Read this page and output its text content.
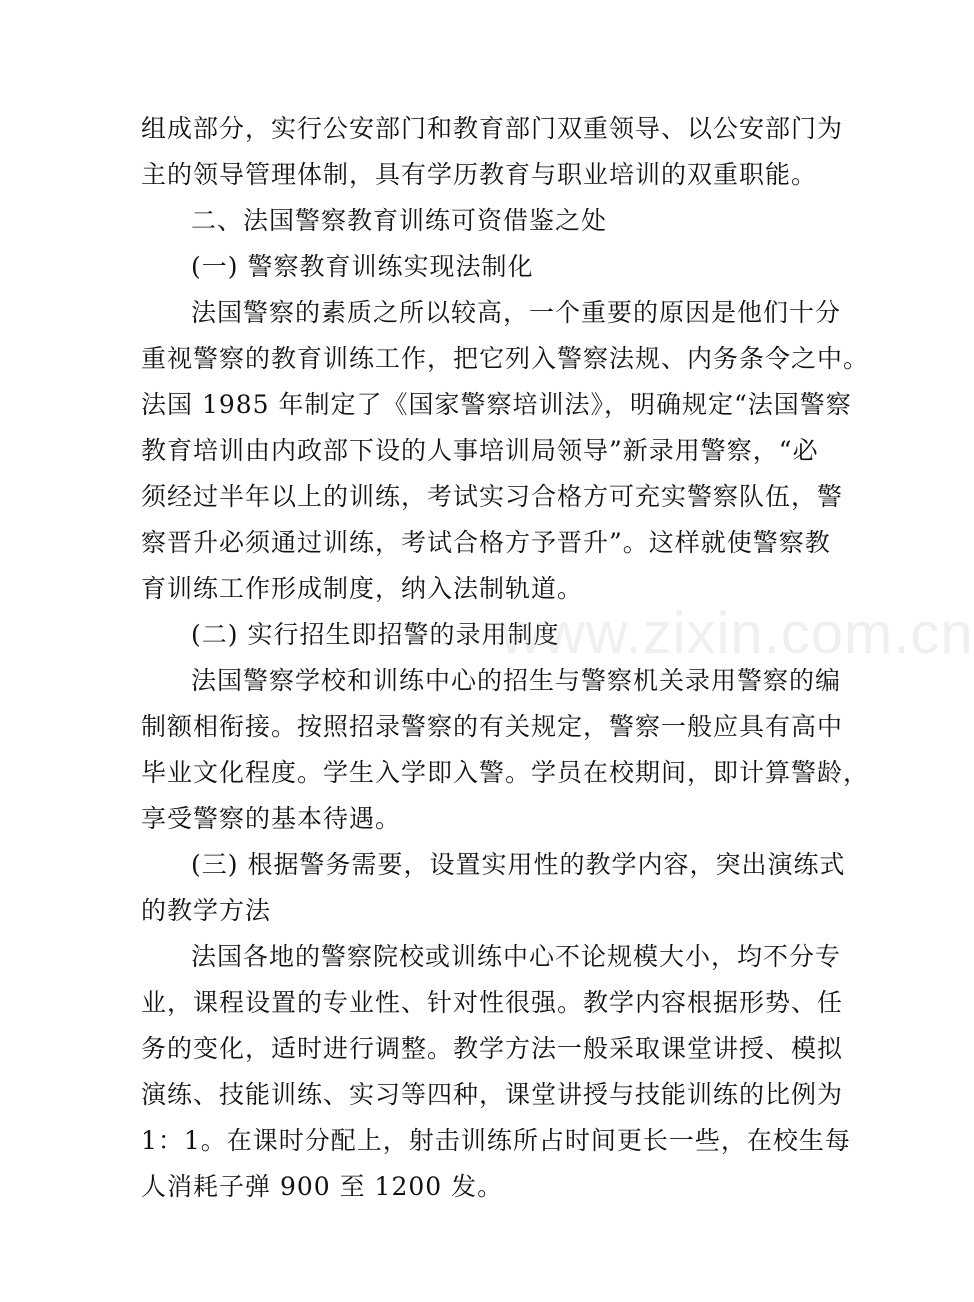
组成部分，实行公安部门和教育部门双重领导、以公安部门为
主的领导管理体制，具有学历教育与职业培训的双重职能。
二、法国警察教育训练可资借鉴之处
(一) 警察教育训练实现法制化
法国警察的素质之所以较高，一个重要的原因是他们十分
重视警察的教育训练工作，把它列入警察法规、内务条令之中。
法国 1985 年制定了《国家警察培训法》，明确规定“法国警察
教育培训由内政部下设的人事培训局领导”新录用警察，“必
须经过半年以上的训练，考试实习合格方可充实警察队伍，警
察晋升必须通过训练，考试合格方予晋升”。这样就使警察教
育训练工作形成制度，纳入法制轨道。
(二) 实行招生即招警的录用制度
法国警察学校和训练中心的招生与警察机关录用警察的编
制额相衔接。按照招录警察的有关规定，警察一般应具有高中
毕业文化程度。学生入学即入警。学员在校期间，即计算警龄，
享受警察的基本待遇。
(三) 根据警务需要，设置实用性的教学内容，突出演练式
的教学方法
法国各地的警察院校或训练中心不论规模大小，均不分专
业，课程设置的专业性、针对性很强。教学内容根据形势、任
务的变化，适时进行调整。教学方法一般采取课堂讲授、模拟
演练、技能训练、实习等四种，课堂讲授与技能训练的比例为
1：1。在课时分配上，射击训练所占时间更长一些，在校生每
人消耗子弹 900 至 1200 发。
www.zixin.com.cn
